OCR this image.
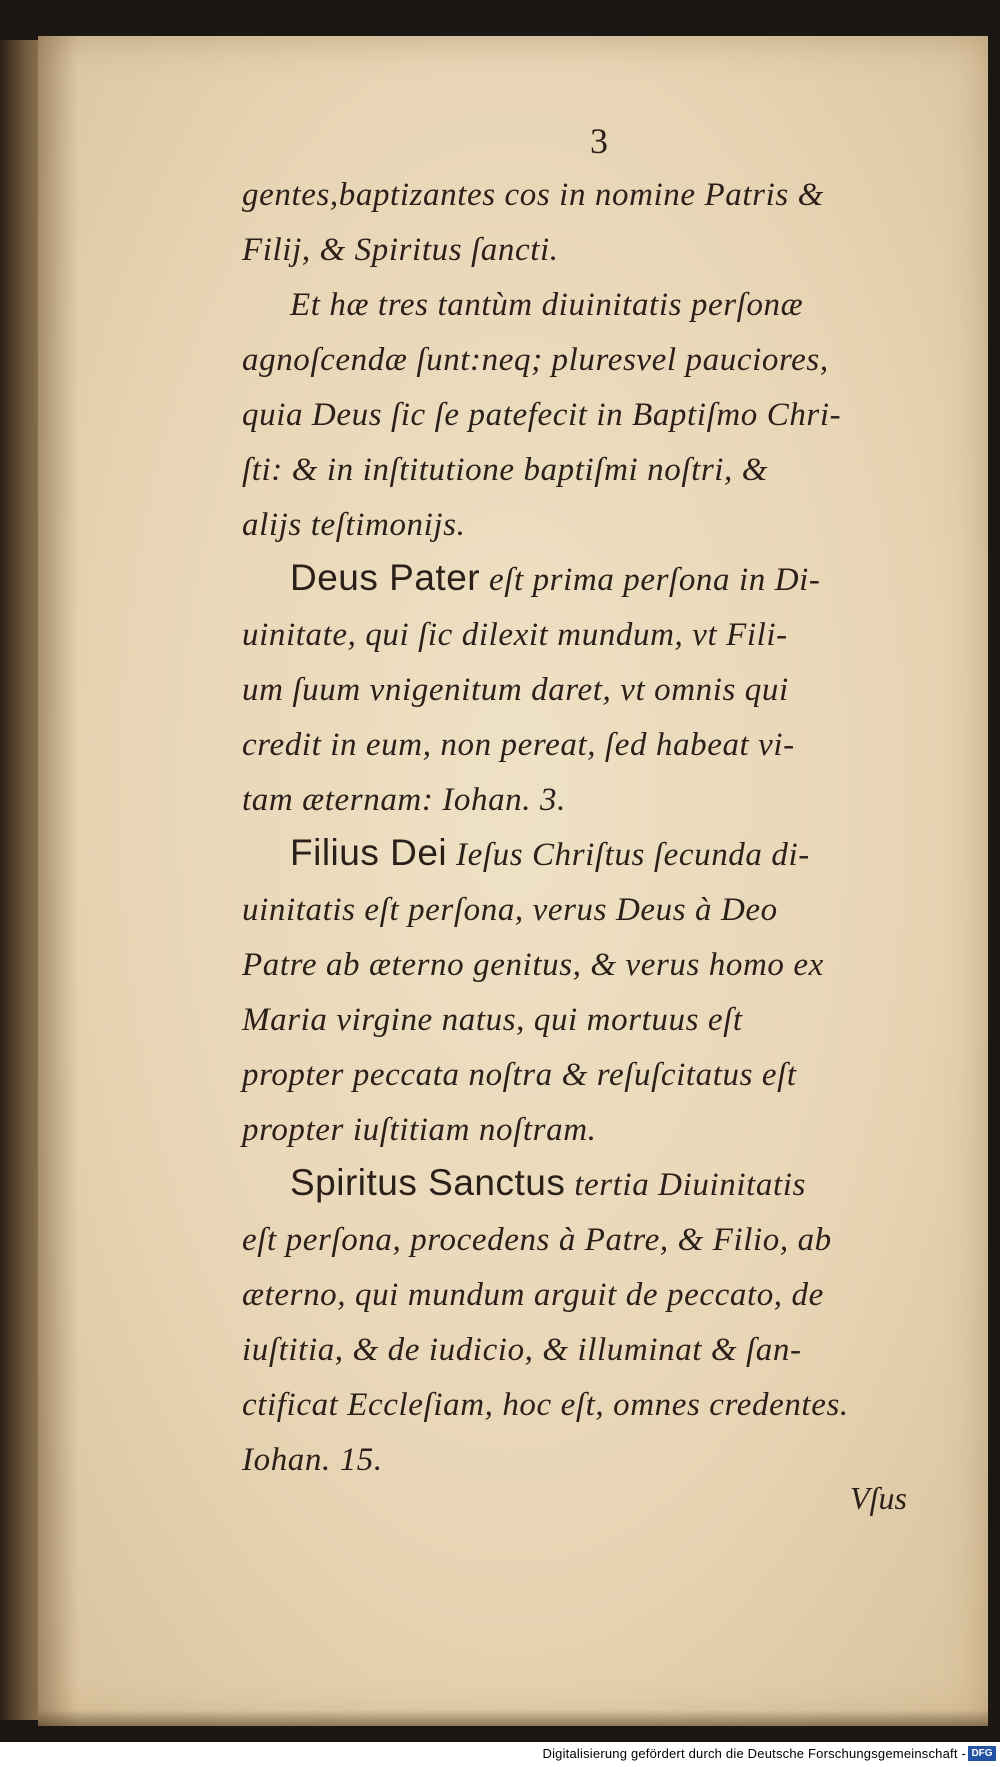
3
gentes,baptizantes cos in nomine Patris &
Filij, & Spiritus ſancti.
Et hæ tres tantùm diuinitatis perſonæ
agnoſcendæ ſunt:neq; pluresvel pauciores,
quia Deus ſic ſe patefecit in Baptiſmo Chri-
ſti: & in inſtitutione baptiſmi noſtri, &
aliјs teſtimoniјs.
Deus Pater eſt prima perſona in Di-
uinitate, qui ſic dilexit mundum, vt Fili-
um ſuum vnigenitum daret, vt omnis qui
credit in eum, non pereat, ſed habeat vi-
tam æternam: Iohan. 3.
Filius Dei Ieſus Chriſtus ſecunda di-
uinitatis eſt perſona, verus Deus à Deo
Patre ab æterno genitus, & verus homo ex
Maria virgine natus, qui mortuus eſt
propter peccata noſtra & reſuſcitatus eſt
propter iuſtitiam noſtram.
Spiritus Sanctus tertia Diuinitatis
eſt perſona, procedens à Patre, & Filio, ab
æterno, qui mundum arguit de peccato, de
iuſtitia, & de iudicio, & illuminat & ſan-
ctificat Eccleſiam, hoc eſt, omnes credentes.
Iohan. 15.
Vſus
Digitalisierung gefördert durch die Deutsche Forschungsgemeinschaft - DFG
